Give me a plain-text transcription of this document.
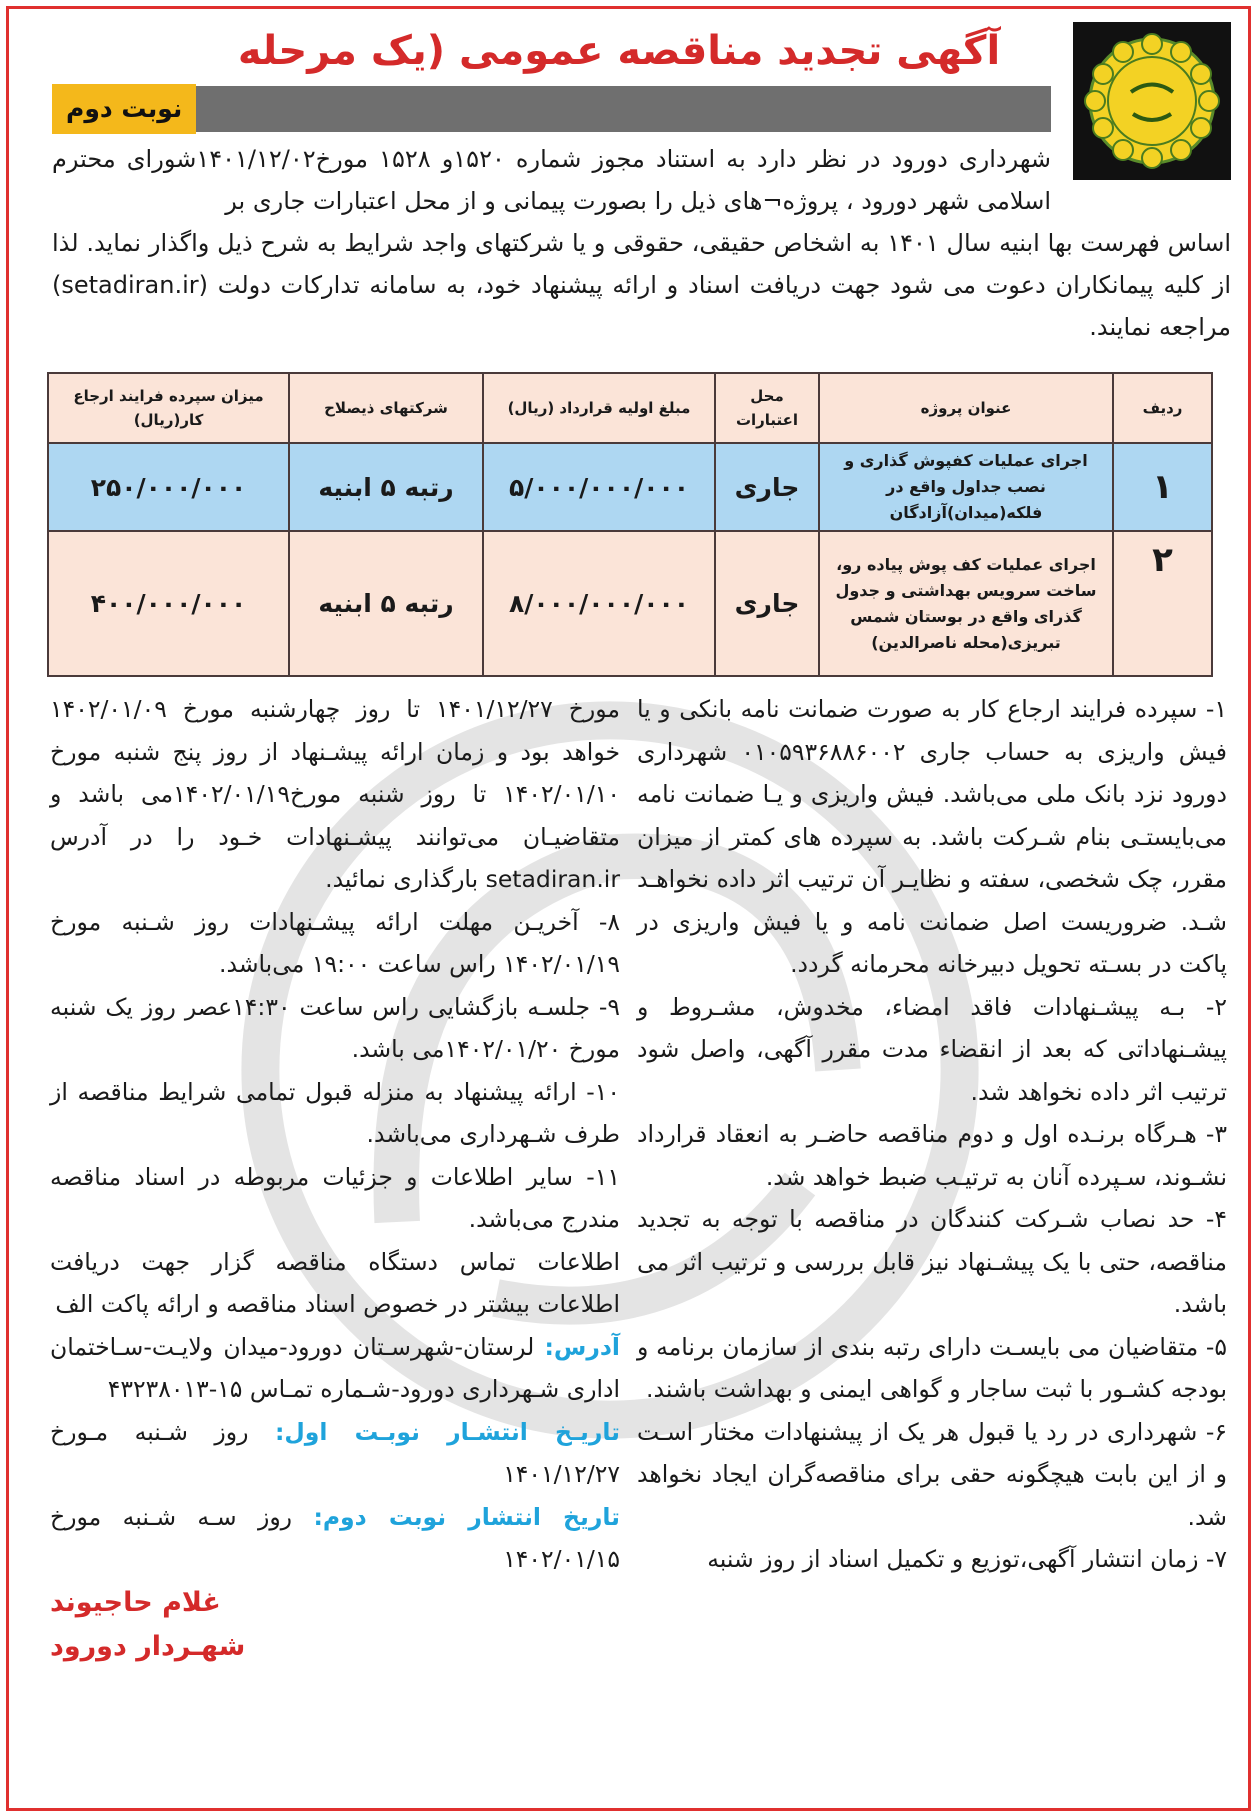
آگهی تجدید مناقصه عمومی (یک مرحله
نوبت دوم
شهرداری دورود در نظر دارد به استناد مجوز شماره ۱۵۲۰و ۱۵۲۸ مورخ۱۴۰۱/۱۲/۰۲شورای محترم اسلامی شهر دورود ، پروژه¬های ذیل را بصورت پیمانی و از محل اعتبارات جاری بر
اساس فهرست بها ابنیه سال ۱۴۰۱ به اشخاص حقیقی، حقوقی و یا شرکتهای واجد شرایط به شرح ذیل واگذار نماید. لذا از کلیه پیمانکاران دعوت می شود جهت دریافت اسناد و ارائه پیشنهاد خود، به سامانه تدارکات دولت (setadiran.ir) مراجعه نمایند.
ردیف	عنوان پروژه	محل اعتبارات	مبلغ اولیه قرارداد (ریال)	شرکتهای ذیصلاح	میزان سپرده فرایند ارجاع کار(ریال)
۱	اجرای عملیات کفپوش گذاری و نصب جداول واقع در فلکه(میدان)آزادگان	جاری	۵/۰۰۰/۰۰۰/۰۰۰	رتبه ۵ ابنیه	۲۵۰/۰۰۰/۰۰۰
۲	اجرای عملیات کف پوش پیاده رو، ساخت سرویس بهداشتی و جدول گذرای واقع در بوستان شمس تبریزی(محله ناصرالدین)	جاری	۸/۰۰۰/۰۰۰/۰۰۰	رتبه ۵ ابنیه	۴۰۰/۰۰۰/۰۰۰

۱- سپرده فرایند ارجاع کار به صورت ضمانت نامه بانکی و یا فیش واریزی به حساب جاری ۰۱۰۵۹۳۶۸۸۶۰۰۲ شهرداری دورود نزد بانک ملی می‌باشد. فیش واریزی و یـا ضمانت نامه می‌بایستـی بنام شـرکت باشد. به سپرده های کمتر از میزان مقرر، چک شخصی، سفته و نظایـر آن ترتیب اثر داده نخواهـد شـد. ضروریست اصل ضمانت نامه و یا فیش واریزی در پاکت در بسـته تحویل دبیرخانه محرمانه گردد.

۲- بـه پیشـنهادات فاقد امضاء، مخدوش، مشـروط و پیشـنهاداتی که بعد از انقضاء مدت مقرر آگهی، واصل شود ترتیب اثر داده نخواهد شد.

۳- هـرگاه برنـده اول و دوم مناقصه حاضـر به انعقاد قرارداد نشـوند، سـپرده آنان به ترتیـب ضبط خواهد شد.

۴- حد نصاب شـرکت کنندگان در مناقصه با توجه به تجدید مناقصه، حتی با یک پیشـنهاد نیز قابل بررسی و ترتیب اثر می باشد.

۵- متقاضیان می بایسـت دارای رتبه بندی از سازمان برنامه و بودجه کشـور با ثبت ساجار و گواهی ایمنی و بهداشت باشند.

۶- شهرداری در رد یا قبول هر یک از پیشنهادات مختار اسـت و از این بابت هیچگونه حقی برای مناقصه‌گران ایجاد نخواهد شد.

۷- زمان انتشار آگهی،توزیع و تکمیل اسناد از روز شنبه

مورخ ۱۴۰۱/۱۲/۲۷ تا روز چهارشنبه مورخ ۱۴۰۲/۰۱/۰۹ خواهد بود و زمان ارائه پیشـنهاد از روز پنج شنبه مورخ ۱۴۰۲/۰۱/۱۰ تا روز شنبه مورخ۱۴۰۲/۰۱/۱۹می باشد و متقاضیـان می‌توانند پیشـنهادات خـود را در آدرس setadiran.ir بارگذاری نمائید.

۸- آخریـن مهلت ارائه پیشـنهادات روز شـنبه مورخ ۱۴۰۲/۰۱/۱۹ راس ساعت ۱۹:۰۰ می‌باشد.

۹- جلسـه بازگشایی راس ساعت ۱۴:۳۰عصر روز یک شنبه مورخ ۱۴۰۲/۰۱/۲۰می باشد.

۱۰- ارائه پیشنهاد به منزله قبول تمامی شرایط مناقصه از طرف شـهرداری می‌باشد.

۱۱- سایر اطلاعات و جزئیات مربوطه در اسناد مناقصه مندرج می‌باشد.

اطلاعات تماس دستگاه مناقصه گزار جهت دریافت اطلاعات بیشتر در خصوص اسناد مناقصه و ارائه پاکت الف

آدرس: لرستان-شهرسـتان دورود-میدان ولایـت-سـاختمان اداری شـهرداری دورود-شـماره تمـاس ۱۵-۴۳۲۳۸۰۱۳

تاریـخ انتشـار نوبـت اول: روز شـنبه مـورخ ۱۴۰۱/۱۲/۲۷

تاریخ انتشار نوبت دوم: روز سـه شـنبه مورخ ۱۴۰۲/۰۱/۱۵

غلام حاجیوند

شهـردار دورود
